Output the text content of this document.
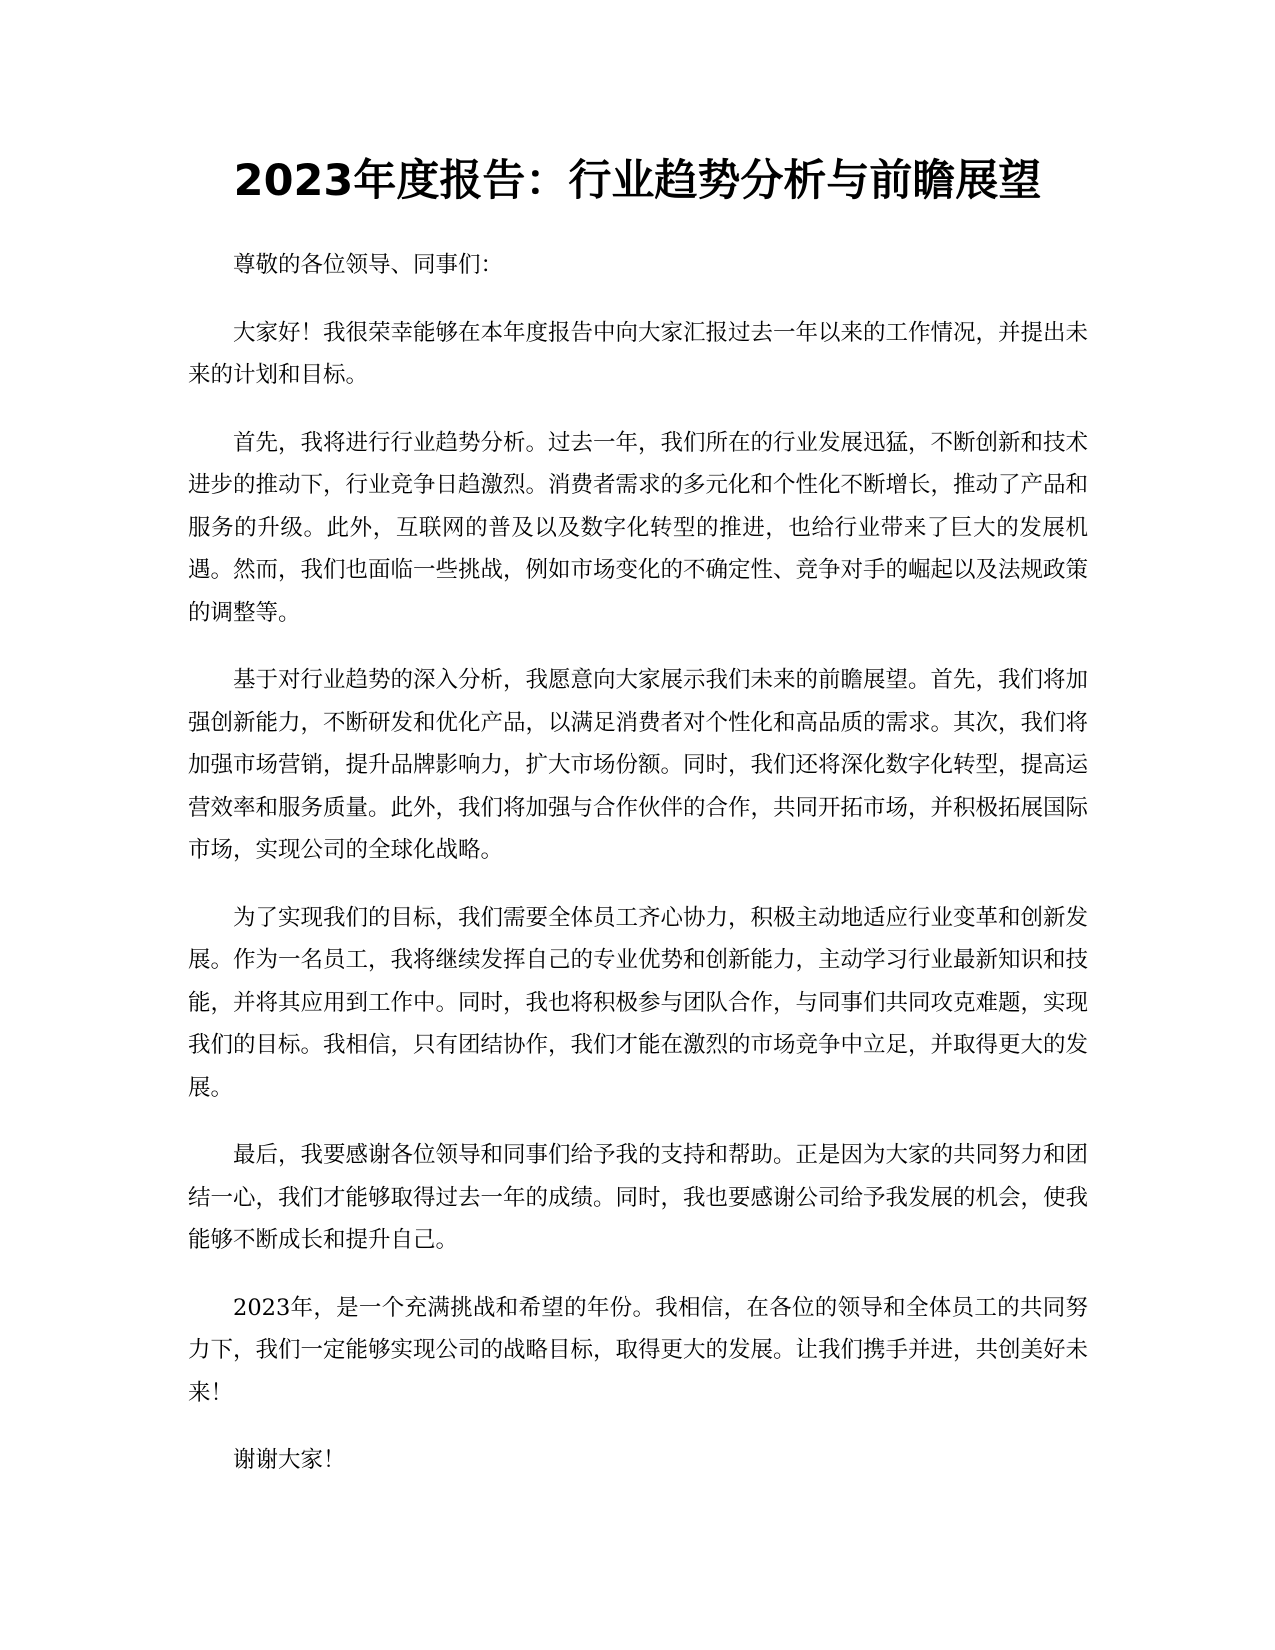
2023年度报告：行业趋势分析与前瞻展望

尊敬的各位领导、同事们：

大家好！我很荣幸能够在本年度报告中向大家汇报过去一年以来的工作情况，并提出未来的计划和目标。

首先，我将进行行业趋势分析。过去一年，我们所在的行业发展迅猛，不断创新和技术进步的推动下，行业竞争日趋激烈。消费者需求的多元化和个性化不断增长，推动了产品和服务的升级。此外，互联网的普及以及数字化转型的推进，也给行业带来了巨大的发展机遇。然而，我们也面临一些挑战，例如市场变化的不确定性、竞争对手的崛起以及法规政策的调整等。

基于对行业趋势的深入分析，我愿意向大家展示我们未来的前瞻展望。首先，我们将加强创新能力，不断研发和优化产品，以满足消费者对个性化和高品质的需求。其次，我们将加强市场营销，提升品牌影响力，扩大市场份额。同时，我们还将深化数字化转型，提高运营效率和服务质量。此外，我们将加强与合作伙伴的合作，共同开拓市场，并积极拓展国际市场，实现公司的全球化战略。

为了实现我们的目标，我们需要全体员工齐心协力，积极主动地适应行业变革和创新发展。作为一名员工，我将继续发挥自己的专业优势和创新能力，主动学习行业最新知识和技能，并将其应用到工作中。同时，我也将积极参与团队合作，与同事们共同攻克难题，实现我们的目标。我相信，只有团结协作，我们才能在激烈的市场竞争中立足，并取得更大的发展。

最后，我要感谢各位领导和同事们给予我的支持和帮助。正是因为大家的共同努力和团结一心，我们才能够取得过去一年的成绩。同时，我也要感谢公司给予我发展的机会，使我能够不断成长和提升自己。

2023年，是一个充满挑战和希望的年份。我相信，在各位的领导和全体员工的共同努力下，我们一定能够实现公司的战略目标，取得更大的发展。让我们携手并进，共创美好未来！

谢谢大家！
